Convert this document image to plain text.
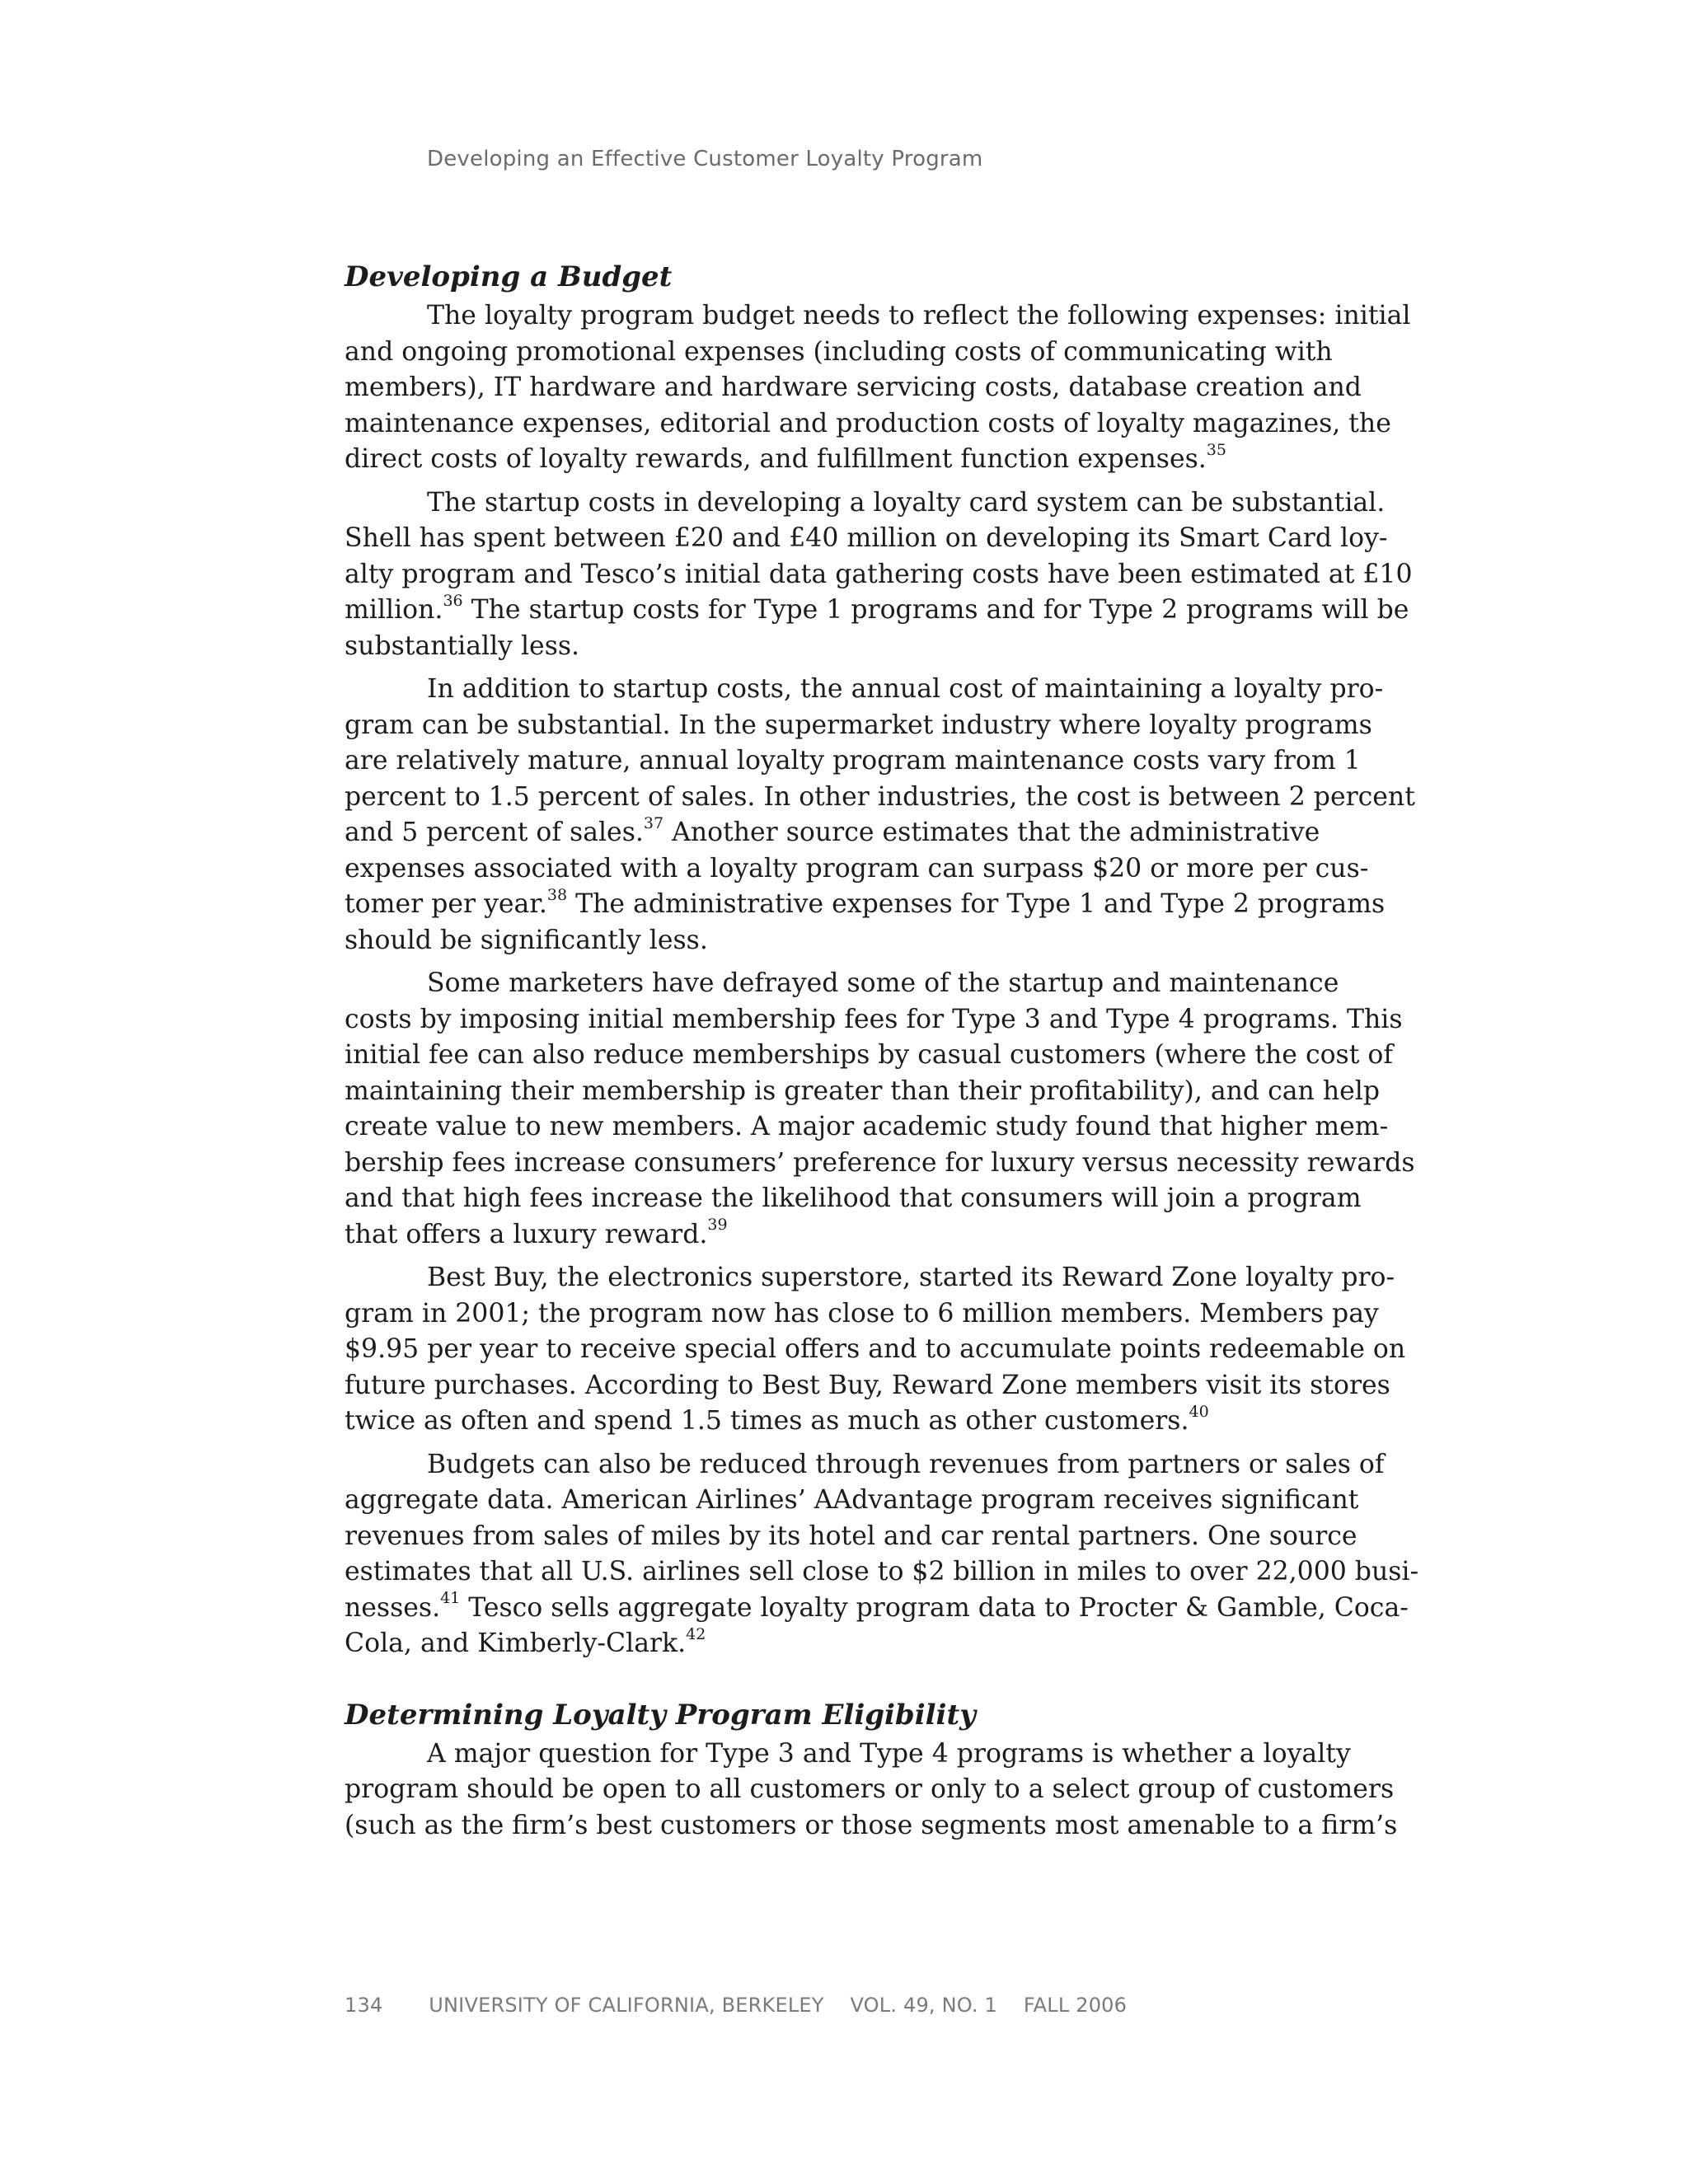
Developing an Effective Customer Loyalty Program
Developing a Budget

The loyalty program budget needs to reflect the following expenses: initial
and ongoing promotional expenses (including costs of communicating with
members), IT hardware and hardware servicing costs, database creation and
maintenance expenses, editorial and production costs of loyalty magazines, the
direct costs of loyalty rewards, and fulfillment function expenses.$^{35}$

The startup costs in developing a loyalty card system can be substantial.
Shell has spent between £20 and £40 million on developing its Smart Card loy-
alty program and Tesco’s initial data gathering costs have been estimated at £10
million.$^{36}$ The startup costs for Type 1 programs and for Type 2 programs will be
substantially less.

In addition to startup costs, the annual cost of maintaining a loyalty pro-
gram can be substantial. In the supermarket industry where loyalty programs
are relatively mature, annual loyalty program maintenance costs vary from 1
percent to 1.5 percent of sales. In other industries, the cost is between 2 percent
and 5 percent of sales.$^{37}$ Another source estimates that the administrative
expenses associated with a loyalty program can surpass $20 or more per cus-
tomer per year.$^{38}$ The administrative expenses for Type 1 and Type 2 programs
should be significantly less.

Some marketers have defrayed some of the startup and maintenance
costs by imposing initial membership fees for Type 3 and Type 4 programs. This
initial fee can also reduce memberships by casual customers (where the cost of
maintaining their membership is greater than their profitability), and can help
create value to new members. A major academic study found that higher mem-
bership fees increase consumers’ preference for luxury versus necessity rewards
and that high fees increase the likelihood that consumers will join a program
that offers a luxury reward.$^{39}$

Best Buy, the electronics superstore, started its Reward Zone loyalty pro-
gram in 2001; the program now has close to 6 million members. Members pay
$9.95 per year to receive special offers and to accumulate points redeemable on
future purchases. According to Best Buy, Reward Zone members visit its stores
twice as often and spend 1.5 times as much as other customers.$^{40}$

Budgets can also be reduced through revenues from partners or sales of
aggregate data. American Airlines’ AAdvantage program receives significant
revenues from sales of miles by its hotel and car rental partners. One source
estimates that all U.S. airlines sell close to $2 billion in miles to over 22,000 busi-
nesses.$^{41}$ Tesco sells aggregate loyalty program data to Procter & Gamble, Coca-
Cola, and Kimberly-Clark.$^{42}$

Determining Loyalty Program Eligibility

A major question for Type 3 and Type 4 programs is whether a loyalty
program should be open to all customers or only to a select group of customers
(such as the firm’s best customers or those segments most amenable to a firm’s

134 UNIVERSITY OF CALIFORNIA, BERKELEY VOL. 49, NO. 1 FALL 2006
